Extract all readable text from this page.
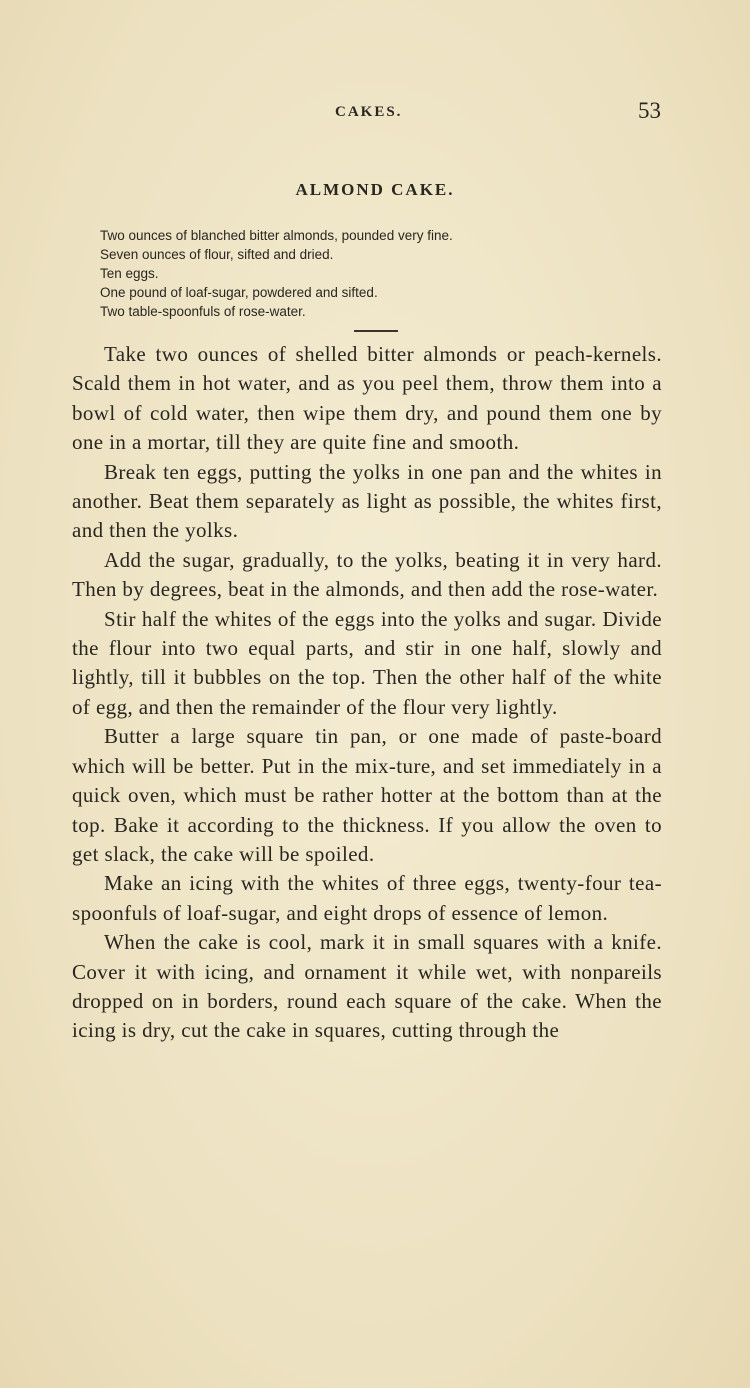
CAKES.	53
ALMOND CAKE.
Two ounces of blanched bitter almonds, pounded very fine.
Seven ounces of flour, sifted and dried.
Ten eggs.
One pound of loaf-sugar, powdered and sifted.
Two table-spoonfuls of rose-water.

Take two ounces of shelled bitter almonds or peach-kernels. Scald them in hot water, and as you peel them, throw them into a bowl of cold water, then wipe them dry, and pound them one by one in a mortar, till they are quite fine and smooth.

Break ten eggs, putting the yolks in one pan and the whites in another. Beat them separately as light as possible, the whites first, and then the yolks.

Add the sugar, gradually, to the yolks, beating it in very hard. Then by degrees, beat in the almonds, and then add the rose-water.

Stir half the whites of the eggs into the yolks and sugar. Divide the flour into two equal parts, and stir in one half, slowly and lightly, till it bubbles on the top. Then the other half of the white of egg, and then the remainder of the flour very lightly.

Butter a large square tin pan, or one made of paste-board which will be better. Put in the mix-ture, and set immediately in a quick oven, which must be rather hotter at the bottom than at the top. Bake it according to the thickness. If you allow the oven to get slack, the cake will be spoiled.

Make an icing with the whites of three eggs, twenty-four tea-spoonfuls of loaf-sugar, and eight drops of essence of lemon.

When the cake is cool, mark it in small squares with a knife. Cover it with icing, and ornament it while wet, with nonpareils dropped on in borders, round each square of the cake. When the icing is dry, cut the cake in squares, cutting through the
